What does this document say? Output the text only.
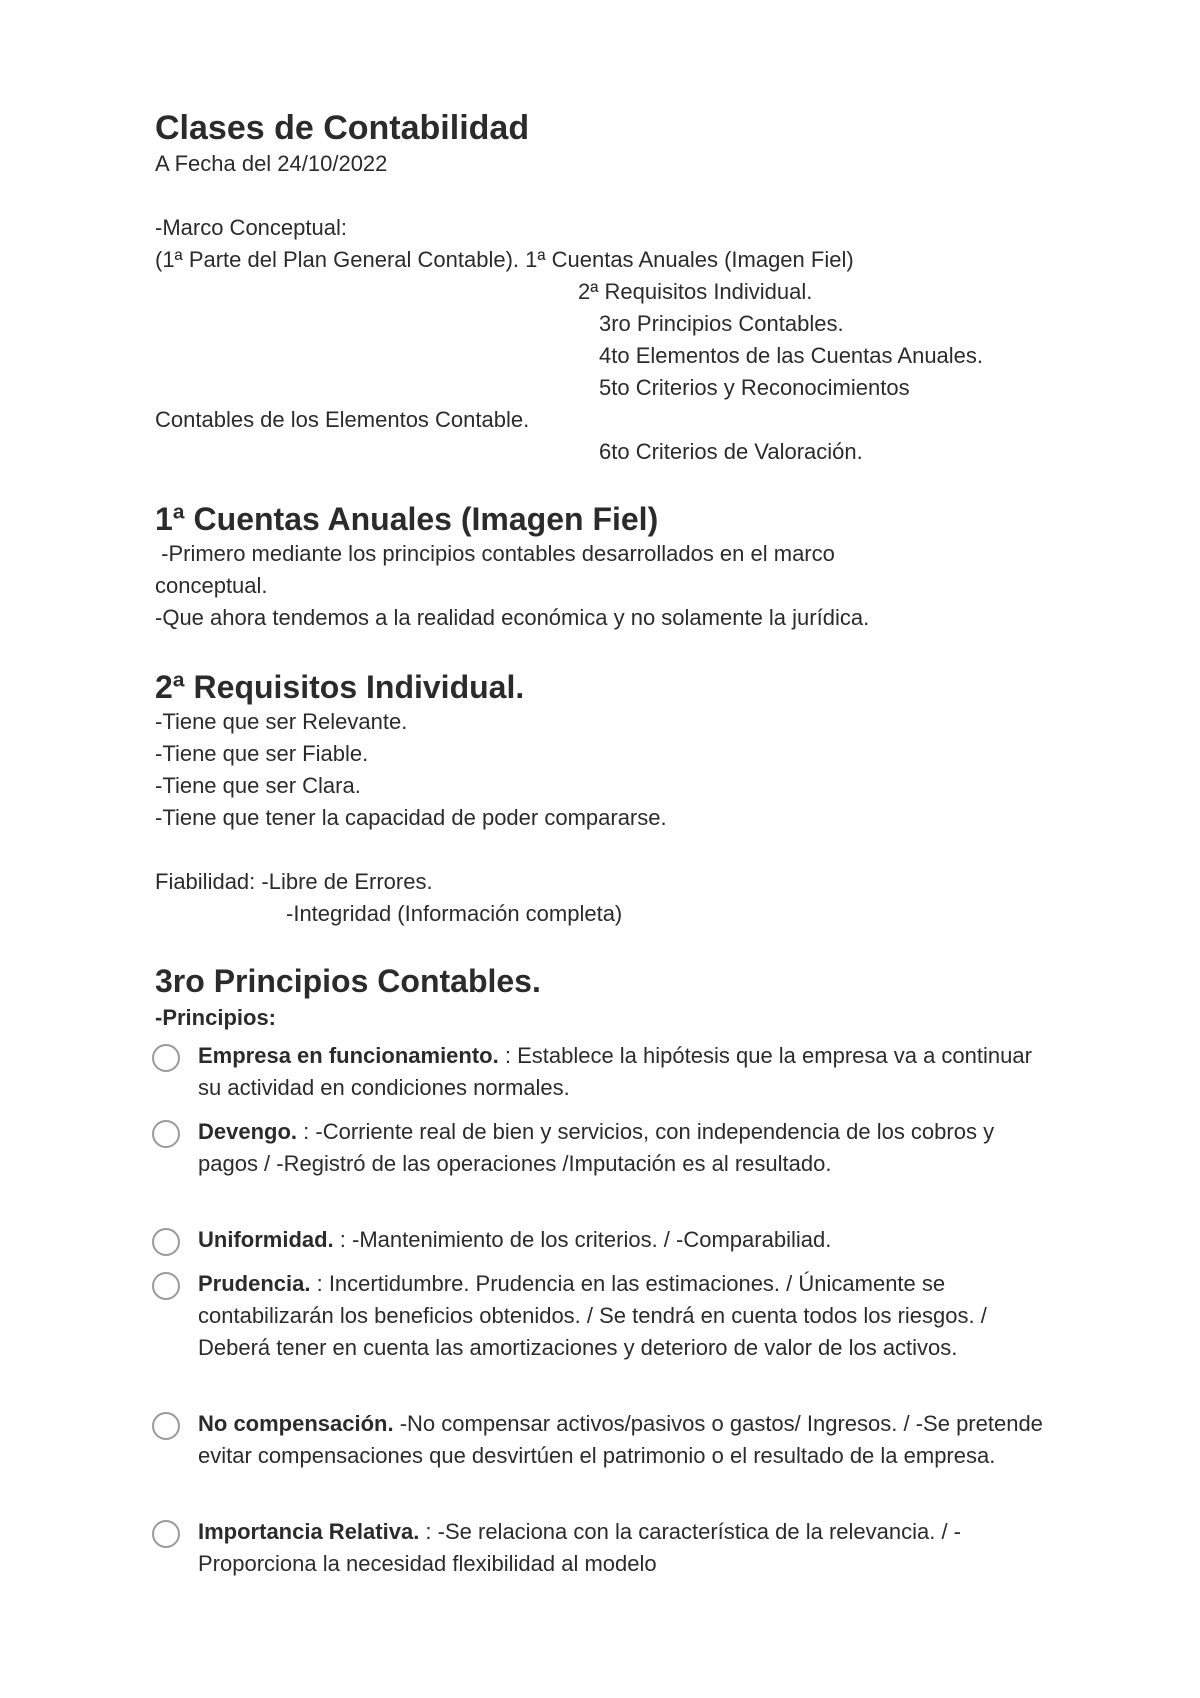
Clases de Contabilidad
A Fecha del 24/10/2022
-Marco Conceptual:
(1ª Parte del Plan General Contable). 1ª Cuentas Anuales (Imagen Fiel)
2ª Requisitos Individual.
3ro Principios Contables.
4to Elementos de las Cuentas Anuales.
5to Criterios y Reconocimientos
Contables de los Elementos Contable.
6to Criterios de Valoración.
1ª Cuentas Anuales (Imagen Fiel)
-Primero mediante los principios contables desarrollados en el marco
conceptual.
-Que ahora tendemos a la realidad económica y no solamente la jurídica.
2ª Requisitos Individual.
-Tiene que ser Relevante.
-Tiene que ser Fiable.
-Tiene que ser Clara.
-Tiene que tener la capacidad de poder compararse.
Fiabilidad: -Libre de Errores.
-Integridad (Información completa)
3ro Principios Contables.
-Principios:
Empresa en funcionamiento. : Establece la hipótesis que la empresa va a continuar su actividad en condiciones normales.
Devengo. : -Corriente real de bien y servicios, con independencia de los cobros y pagos / -Registró de las operaciones /Imputación es al resultado.
Uniformidad. : -Mantenimiento de los criterios. / -Comparabiliad.
Prudencia. : Incertidumbre. Prudencia en las estimaciones. / Únicamente se contabilizarán los beneficios obtenidos. / Se tendrá en cuenta todos los riesgos. / Deberá tener en cuenta las amortizaciones y deterioro de valor de los activos.
No compensación. -No compensar activos/pasivos o gastos/ Ingresos. / -Se pretende evitar compensaciones que desvirtúen el patrimonio o el resultado de la empresa.
Importancia Relativa. : -Se relaciona con la característica de la relevancia. / -Proporciona la necesidad flexibilidad al modelo
